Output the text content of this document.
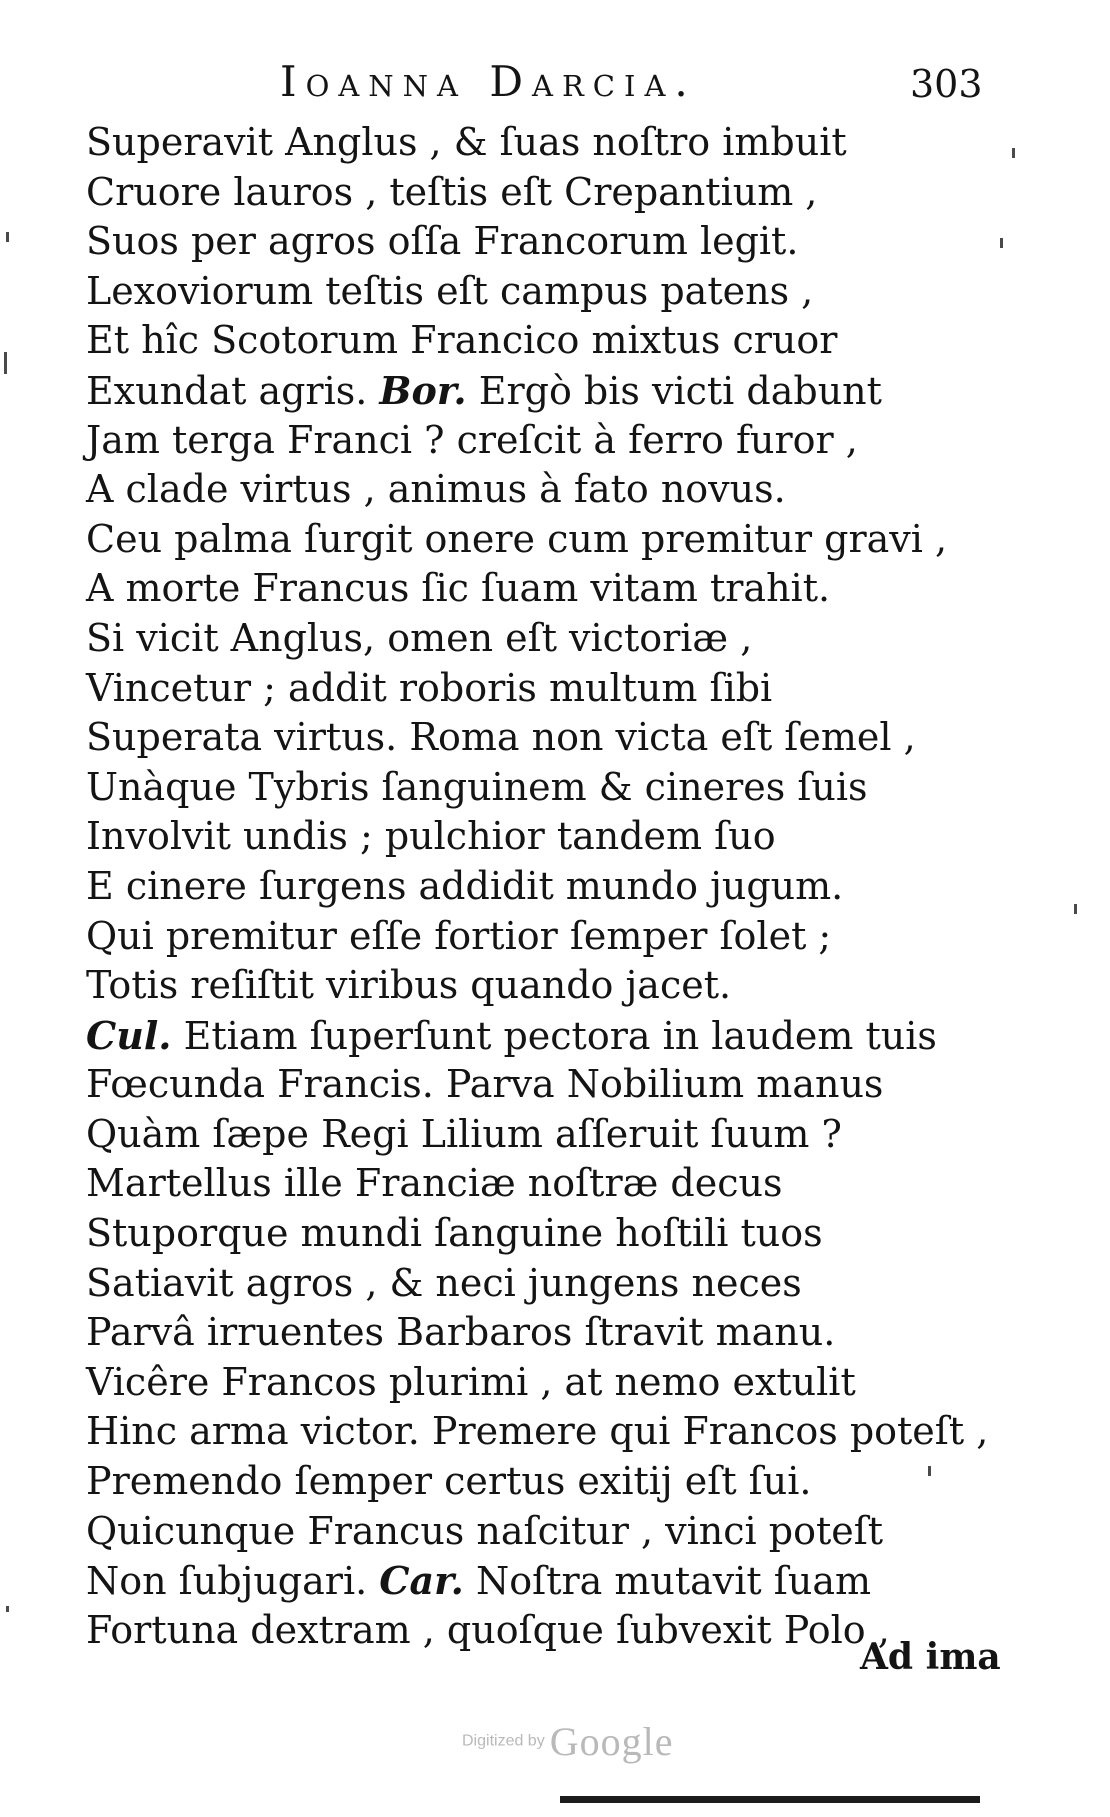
Ioanna Darcia.	303
Superavit Anglus , & ſuas noſtro imbuit
Cruore lauros , teſtis eſt Crepantium ,
Suos per agros oſſa Francorum legit.
Lexoviorum teſtis eſt campus patens ,
Et hîc Scotorum Francico mixtus cruor
Exundat agris. Bor. Ergò bis victi dabunt
Jam terga Franci ? creſcit à ferro furor ,
A clade virtus , animus à fato novus.
Ceu palma ſurgit onere cum premitur gravi ,
A morte Francus ſic ſuam vitam trahit.
Si vicit Anglus, omen eſt victoriæ ,
Vincetur ; addit roboris multum ſibi
Superata virtus. Roma non victa eſt ſemel ,
Unàque Tybris ſanguinem & cineres ſuis
Involvit undis ; pulchior tandem ſuo
E cinere ſurgens addidit mundo jugum.
Qui premitur eſſe fortior ſemper ſolet ;
Totis reſiſtit viribus quando jacet.
Cul. Etiam ſuperſunt pectora in laudem tuis
Fœcunda Francis. Parva Nobilium manus
Quàm ſæpe Regi Lilium aſſeruit ſuum ?
Martellus ille Franciæ noſtræ decus
Stuporque mundi ſanguine hoſtili tuos
Satiavit agros , & neci jungens neces
Parvâ irruentes Barbaros ſtravit manu.
Vicêre Francos plurimi , at nemo extulit
Hinc arma victor. Premere qui Francos poteſt ,
Premendo ſemper certus exitij eſt ſui.
Quicunque Francus naſcitur , vinci poteſt
Non ſubjugari. Car. Noſtra mutavit ſuam
Fortuna dextram , quoſque ſubvexit Polo ,
Ad ima
Digitized by Google
